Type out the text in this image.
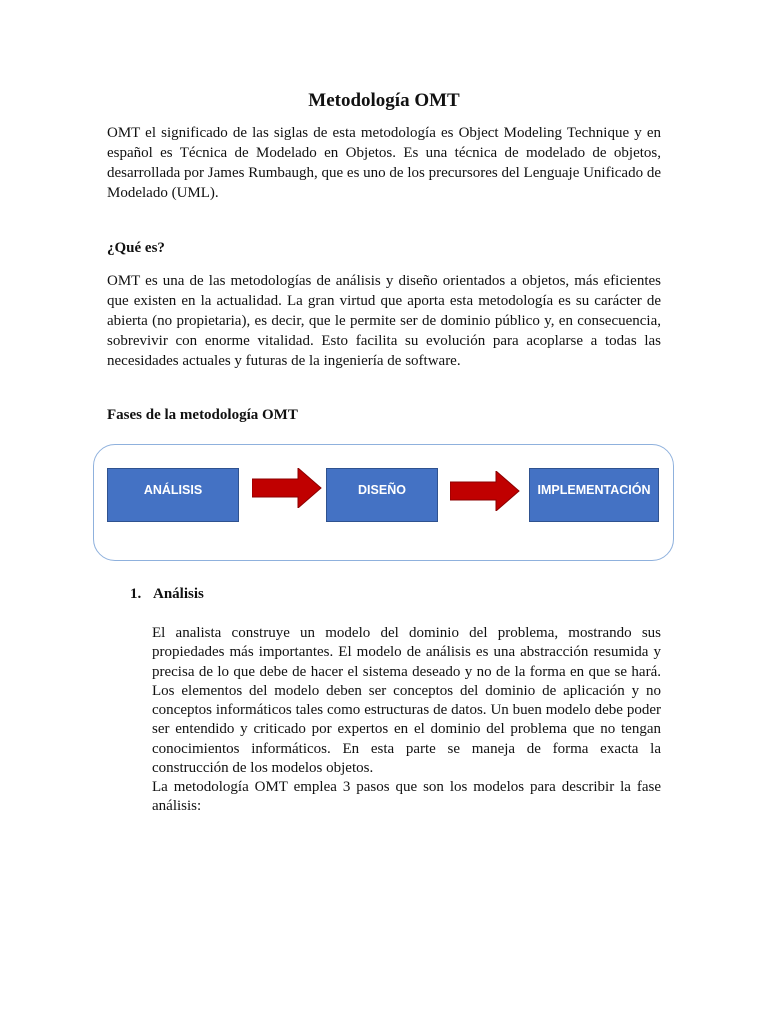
Metodología OMT

OMT el significado de las siglas de esta metodología es Object Modeling Technique y en español es Técnica de Modelado en Objetos. Es una técnica de modelado de objetos, desarrollada por James Rumbaugh, que es uno de los precursores del Lenguaje Unificado de Modelado (UML).

¿Qué es?

OMT es una de las metodologías de análisis y diseño orientados a objetos, más eficientes que existen en la actualidad. La gran virtud que aporta esta metodología es su carácter de abierta (no propietaria), es decir, que le permite ser de dominio público y, en consecuencia, sobrevivir con enorme vitalidad. Esto facilita su evolución para acoplarse a todas las necesidades actuales y futuras de la ingeniería de software.

Fases de la metodología OMT
ANÁLISIS	DISEÑO	IMPLEMENTACIÓN
1. Análisis

El analista construye un modelo del dominio del problema, mostrando sus propiedades más importantes. El modelo de análisis es una abstracción resumida y precisa de lo que debe de hacer el sistema deseado y no de la forma en que se hará. Los elementos del modelo deben ser conceptos del dominio de aplicación y no conceptos informáticos tales como estructuras de datos. Un buen modelo debe poder ser entendido y criticado por expertos en el dominio del problema que no tengan conocimientos informáticos. En esta parte se maneja de forma exacta la construcción de los modelos objetos.

La metodología OMT emplea 3 pasos que son los modelos para describir la fase análisis:
